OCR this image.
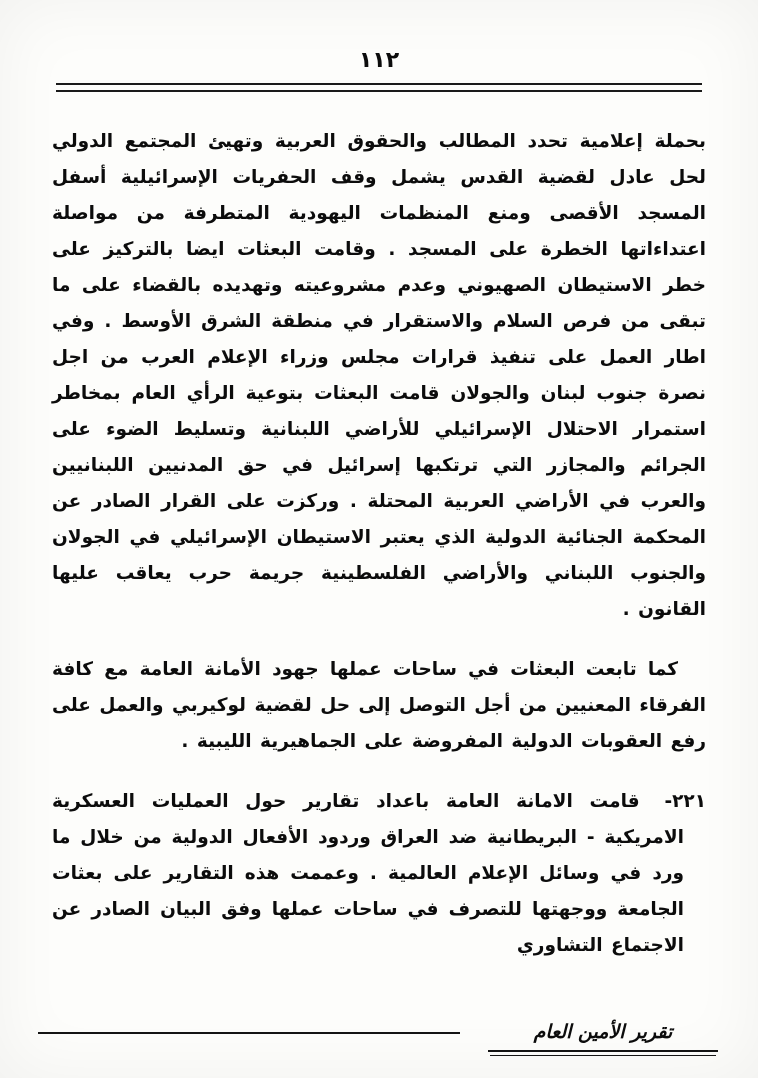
١١٢

بحملة إعلامية تحدد المطالب والحقوق العربية وتهيئ المجتمع الدولي لحل عادل لقضية القدس يشمل وقف الحفريات الإسرائيلية أسفل المسجد الأقصى ومنع المنظمات اليهودية المتطرفة من مواصلة اعتداءاتها الخطرة على المسجد . وقامت البعثات ايضا بالتركيز على خطر الاستيطان الصهيوني وعدم مشروعيته وتهديده بالقضاء على ما تبقى من فرص السلام والاستقرار في منطقة الشرق الأوسط . وفي اطار العمل على تنفيذ قرارات مجلس وزراء الإعلام العرب من اجل نصرة جنوب لبنان والجولان قامت البعثات بتوعية الرأي العام بمخاطر استمرار الاحتلال الإسرائيلي للأراضي اللبنانية وتسليط الضوء على الجرائم والمجازر التي ترتكبها إسرائيل في حق المدنيين اللبنانيين والعرب في الأراضي العربية المحتلة . وركزت على القرار الصادر عن المحكمة الجنائية الدولية الذي يعتبر الاستيطان الإسرائيلي في الجولان والجنوب اللبناني والأراضي الفلسطينية جريمة حرب يعاقب عليها القانون .

كما تابعت البعثات في ساحات عملها جهود الأمانة العامة مع كافة الفرقاء المعنيين من أجل التوصل إلى حل لقضية لوكيربي والعمل على رفع العقوبات الدولية المفروضة على الجماهيرية الليبية .

٢٢١- قامت الامانة العامة باعداد تقارير حول العمليات العسكرية الامريكية - البريطانية ضد العراق وردود الأفعال الدولية من خلال ما ورد في وسائل الإعلام العالمية . وعممت هذه التقارير على بعثات الجامعة ووجهتها للتصرف في ساحات عملها وفق البيان الصادر عن الاجتماع التشاوري

تقرير الأمين العام
